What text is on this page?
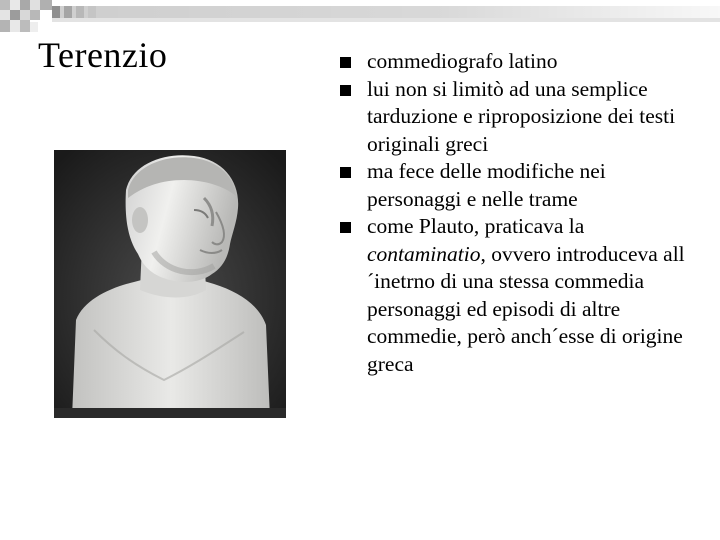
Terenzio	commediografo latino
lui non si limitò ad una semplice tarduzione e riproposizione dei testi originali greci
ma fece delle modifiche nei personaggi e nelle trame
come Plauto, praticava la contaminatio, ovvero introduceva all´inetrno di una stessa commedia personaggi ed episodi di altre commedie, però anch´esse di origine greca
